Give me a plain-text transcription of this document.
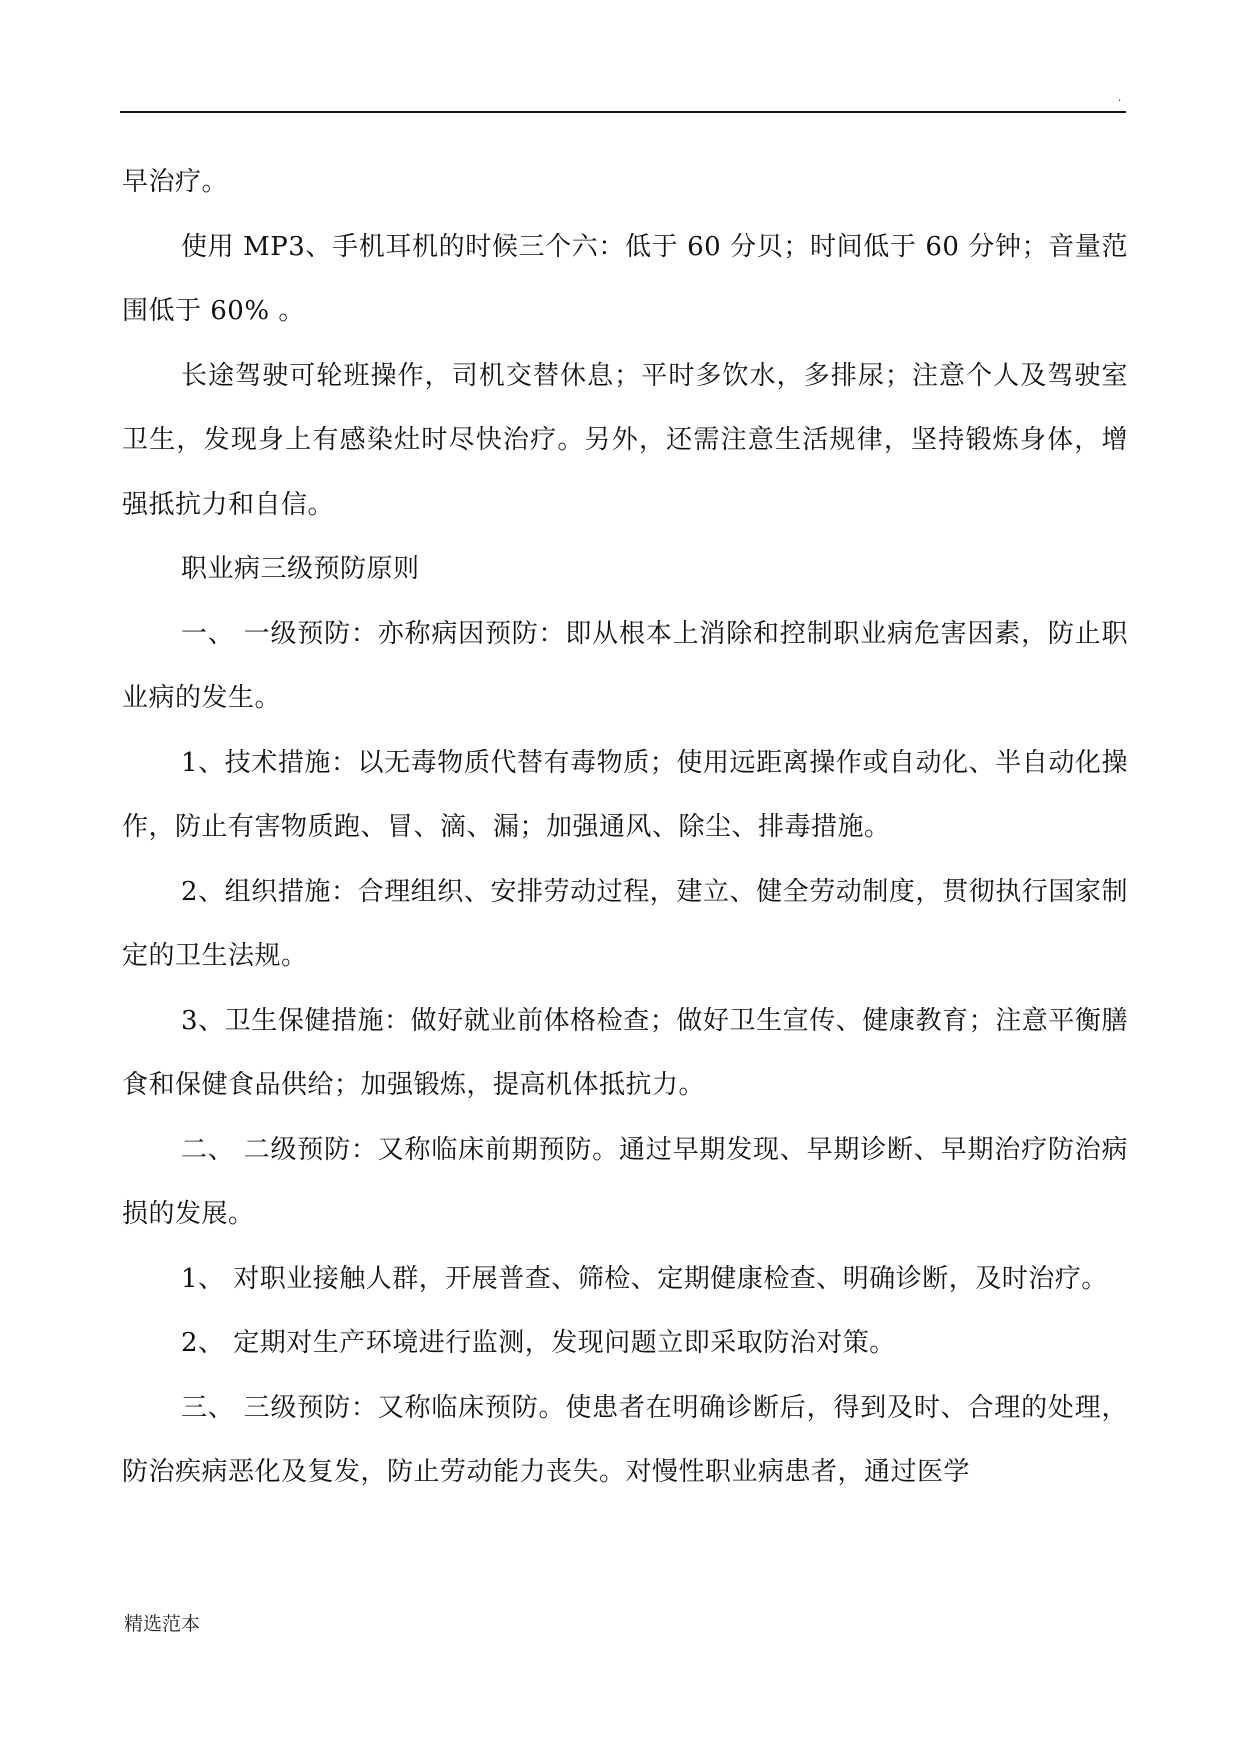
.

早治疗。

使用 MP3、手机耳机的时候三个六：低于 60 分贝；时间低于 60 分钟；音量范围低于 60% 。

长途驾驶可轮班操作，司机交替休息；平时多饮水，多排尿；注意个人及驾驶室卫生，发现身上有感染灶时尽快治疗。另外，还需注意生活规律，坚持锻炼身体，增强抵抗力和自信。

职业病三级预防原则

一、 一级预防：亦称病因预防：即从根本上消除和控制职业病危害因素，防止职业病的发生。

1、技术措施：以无毒物质代替有毒物质；使用远距离操作或自动化、半自动化操作，防止有害物质跑、冒、滴、漏；加强通风、除尘、排毒措施。

2、组织措施：合理组织、安排劳动过程，建立、健全劳动制度，贯彻执行国家制定的卫生法规。

3、卫生保健措施：做好就业前体格检查；做好卫生宣传、健康教育；注意平衡膳食和保健食品供给；加强锻炼，提高机体抵抗力。

二、 二级预防：又称临床前期预防。通过早期发现、早期诊断、早期治疗防治病损的发展。

1、 对职业接触人群，开展普查、筛检、定期健康检查、明确诊断，及时治疗。

2、 定期对生产环境进行监测，发现问题立即采取防治对策。

三、 三级预防：又称临床预防。使患者在明确诊断后，得到及时、合理的处理，防治疾病恶化及复发，防止劳动能力丧失。对慢性职业病患者，通过医学

精选范本
